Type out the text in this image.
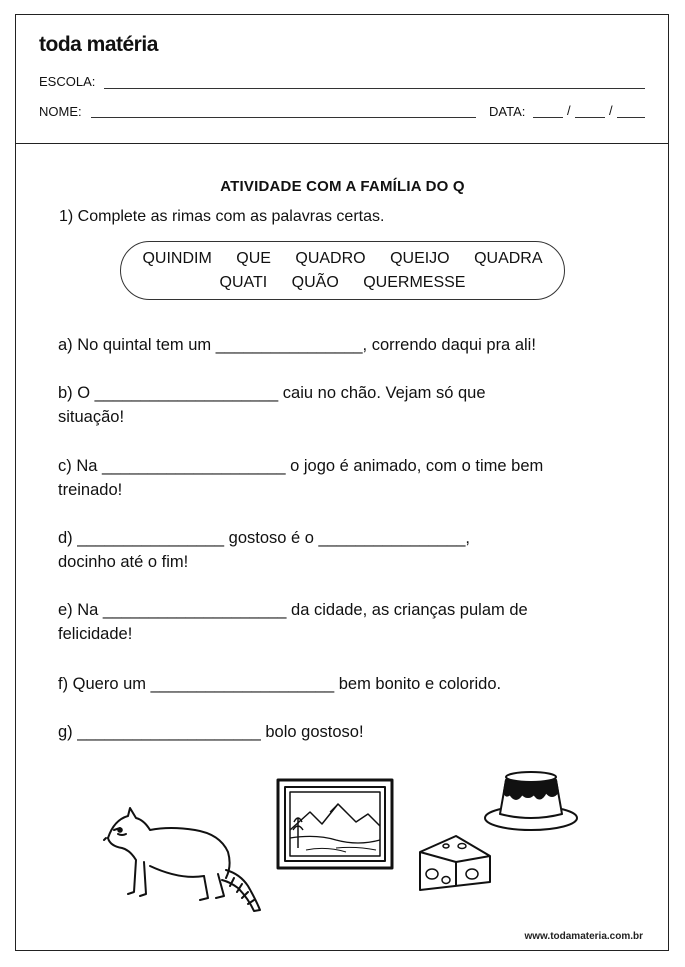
toda matéria
ESCOLA:
NOME:	DATA:	/	/
ATIVIDADE COM A FAMÍLIA DO Q
1) Complete as rimas com as palavras certas.
QUINDIM QUE QUADRO QUEIJO QUADRA
QUATI QUÃO QUERMESSE
a) No quintal tem um ________________, correndo daqui pra ali!
b) O ____________________ caiu no chão. Vejam só que
situação!
c) Na ____________________ o jogo é animado, com o time bem
treinado!
d) ________________ gostoso é o ________________,
docinho até o fim!
e) Na ____________________ da cidade, as crianças pulam de
felicidade!
f) Quero um ____________________ bem bonito e colorido.
g) ____________________ bolo gostoso!
www.todamateria.com.br
